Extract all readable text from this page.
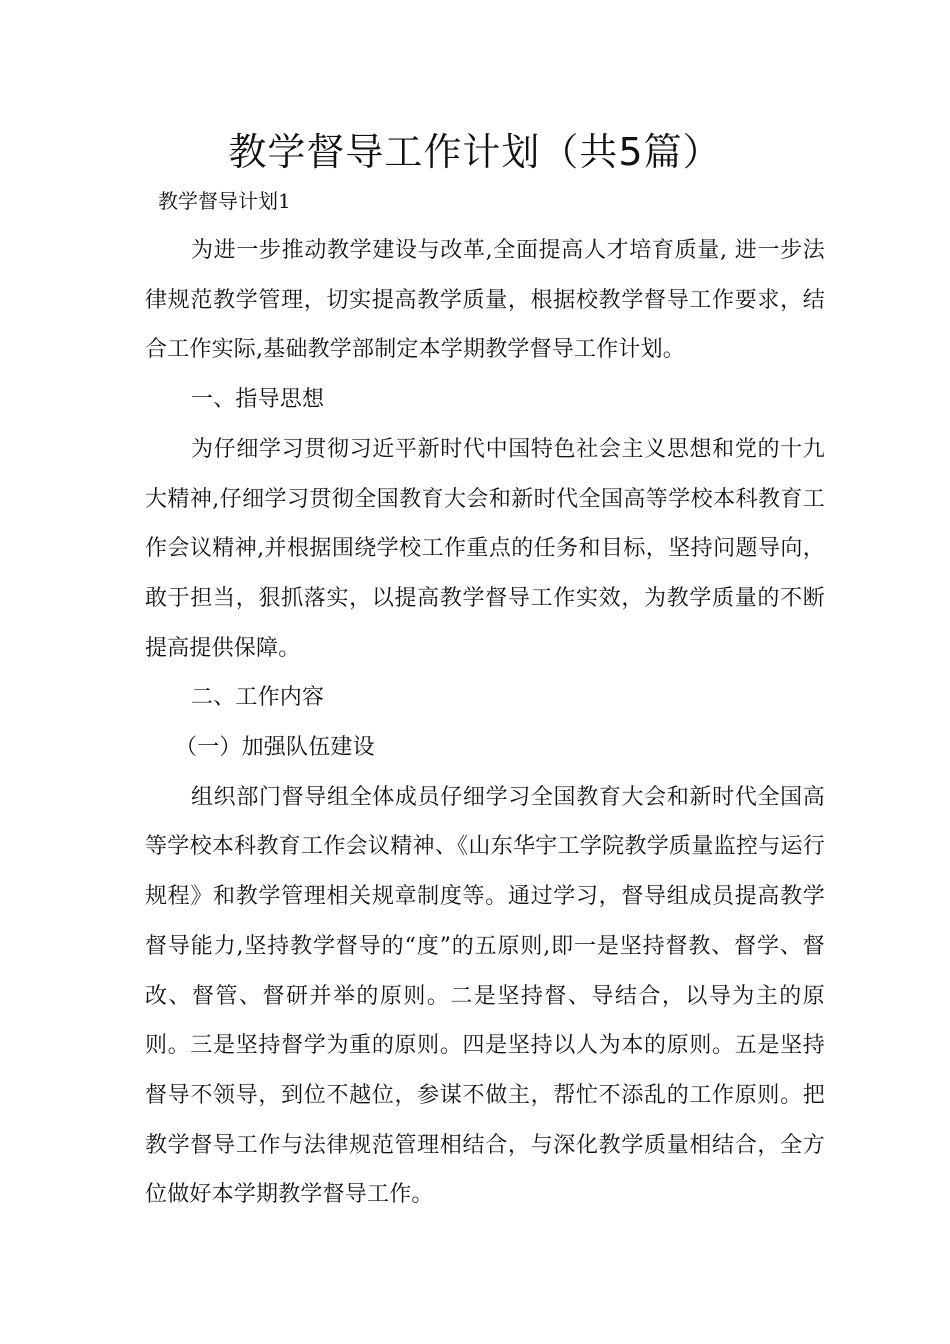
教学督导工作计划（共5篇）
教学督导计划1

为进一步推动教学建设与改革,全面提高人才培育质量, 进一步法律规范教学管理，切实提高教学质量，根据校教学督导工作要求，结合工作实际,基础教学部制定本学期教学督导工作计划。

一、指导思想

为仔细学习贯彻习近平新时代中国特色社会主义思想和党的十九大精神,仔细学习贯彻全国教育大会和新时代全国高等学校本科教育工作会议精神,并根据围绕学校工作重点的任务和目标，坚持问题导向，敢于担当，狠抓落实，以提高教学督导工作实效，为教学质量的不断提高提供保障。

二、工作内容

（一）加强队伍建设

组织部门督导组全体成员仔细学习全国教育大会和新时代全国高等学校本科教育工作会议精神、《山东华宇工学院教学质量监控与运行规程》和教学管理相关规章制度等。通过学习，督导组成员提高教学督导能力,坚持教学督导的“度”的五原则,即一是坚持督教、督学、督改、督管、督研并举的原则。二是坚持督、导结合，以导为主的原则。三是坚持督学为重的原则。四是坚持以人为本的原则。五是坚持督导不领导，到位不越位，参谋不做主，帮忙不添乱的工作原则。把教学督导工作与法律规范管理相结合，与深化教学质量相结合，全方位做好本学期教学督导工作。
